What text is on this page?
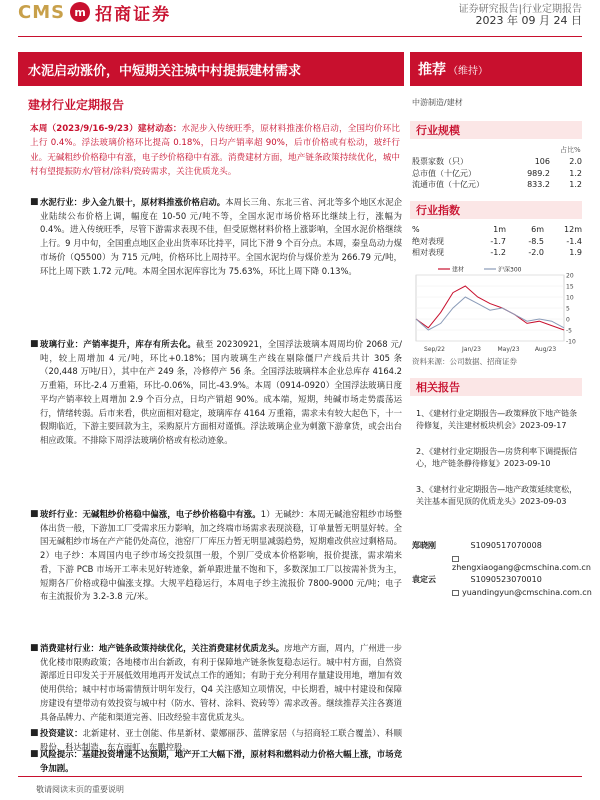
CMS m 招商证券	证券研究报告|行业定期报告
2023 年 09 月 24 日
水泥启动涨价，中短期关注城中村提振建材需求	推荐 （维持）
建材行业定期报告	中游制造/建材
本周（2023/9/16-9/23）建材动态：水泥步入传统旺季，原材料推涨价格启动，全国均价环比上行 0.4%。浮法玻璃价格环比提高 0.18%，日均产销率超 90%，后市价格或有松动，玻纤行业。无碱粗纱价格稳中有涨，电子纱价格稳中有涨。消费建材方面，地产链条政策持续优化，城中村有望提振防水/管材/涂料/瓷砖需求，关注优质龙头。
■ 水泥行业：步入金九银十，原材料推涨价格启动。本周长三角、东北三省、河北等多个地区水泥企业陆续公布价格上调，幅度在 10-50 元/吨不等，全国水泥市场价格环比继续上行，涨幅为 0.4%。进入传统旺季，尽管下游需求表现不佳，但受原燃材料价格上涨影响，全国水泥价格继续上行。9 月中旬，全国重点地区企业出货率环比持平，同比下滑 9 个百分点。本周，秦皇岛动力煤市场价（Q5500）为 715 元/吨，价格环比上周持平。全国水泥均价与煤价差为 266.79 元/吨，环比上周下跌 1.72 元/吨。本周全国水泥库容比为 75.63%，环比上周下降 0.13%。
■ 玻璃行业：产销率提升，库存有所去化。截至 20230921，全国浮法玻璃本周周均价 2068 元/吨，较上周增加 4 元/吨，环比+0.18%；国内玻璃生产线在剔除僵尸产线后共计 305 条（20,448 万吨/日），其中在产 249 条，冷修停产 56 条。全国浮法玻璃样本企业总库存 4164.2 万重箱，环比-2.4 万重箱，环比-0.06%，同比-43.9%。本周（0914-0920）全国浮法玻璃日度平均产销率较上周增加 2.9 个百分点，日均产销超 90%。成本端，短期，纯碱市场走势震荡运行，情绪转弱。后市来看，供应面相对稳定，玻璃库存 4164 万重箱，需求未有较大起色下，十一假期临近，下游主要回款为主，采购原片方面相对谨慎。浮法玻璃企业为刺激下游拿货，或会出台相应政策。不排除下周浮法玻璃价格或有松动迹象。
■ 玻纤行业：无碱粗纱价格稳中偏涨，电子纱价格稳中有涨。1）无碱纱：本周无碱池窑粗纱市场整体出货一般，下游加工厂受需求压力影响，加之终端市场需求表现淡稳，订单量暂无明显好转。全国无碱粗纱市场在产产能仍处高位，池窑厂厂库压力暂无明显减弱趋势，短期难改供应过剩格局。2）电子纱：本周国内电子纱市场交投氛围一般，个别厂受成本价格影响，报价提涨，需求端来看，下游 PCB 市场开工率未见好转迹象，新单跟进量不饱和下，多数深加工厂以按需补货为主，短期各厂价格或稳中偏涨支撑。大规平趋稳运行，本周电子纱主流报价 7800-9000 元/吨；电子布主流报价为 3.2-3.8 元/米。
■ 消费建材行业：地产链条政策持续优化，关注消费建材优质龙头。房地产方面，周内，广州进一步优化楼市限购政策；各地楼市出台新政，有利于保障地产链条恢复稳态运行。城中村方面，自然资源部近日印发关于开展低效用地再开发试点工作的通知；有助于充分利用存量建设用地，增加有效使用供给；城中村市场需情预计明年发行，Q4 关注感知立项情况，中长期看，城中村建设和保障房建设有望带动有效投资与城中村（防水、管材、涂料、瓷砖等）需求改善。继续推荐关注各赛道具备品牌力、产能和渠道完善、旧改经验丰富优质龙头。
■ 投资建议：北新建材、亚士创能、伟星新材、蒙娜丽莎、蓝牌家居（与招商轻工联合覆盖）、科顺股份、科达制造、东方雨虹、东鹏控股。
■ 风险提示：基建投资增速不达预期，地产开工大幅下滑，原材料和燃料动力价格大幅上涨，市场竞争加剧。
行业规模
占比%
股票家数（只）	106	2.0
总市值（十亿元）	989.2	1.2
流通市值（十亿元）	833.2	1.2
行业指数
%	1m	6m	12m
绝对表现	-1.7	-8.5	-1.4
相对表现	-1.2	-2.0	1.9
-10
-5
0
5
10
15
20
Sep/22	Jan/23	May/23	Aug/23
建材	沪深300
资料来源：公司数据、招商证券
相关报告
1、《建材行业定期报告—政策释放下地产链条待修复，关注建材板块机会》2023-09-17
2、《建材行业定期报告—房贷利率下调提振信心，地产链条静待修复》2023-09-10
3、《建材行业定期报告—地产政策延续宽松，关注基本面见顶的优质龙头》2023-09-03
郑晓刚	S1090517070008
zhengxiaogang@cmschina.com.cn
袁定云	S1090523070010
yuandingyun@cmschina.com.cn
敬请阅读末页的重要说明
